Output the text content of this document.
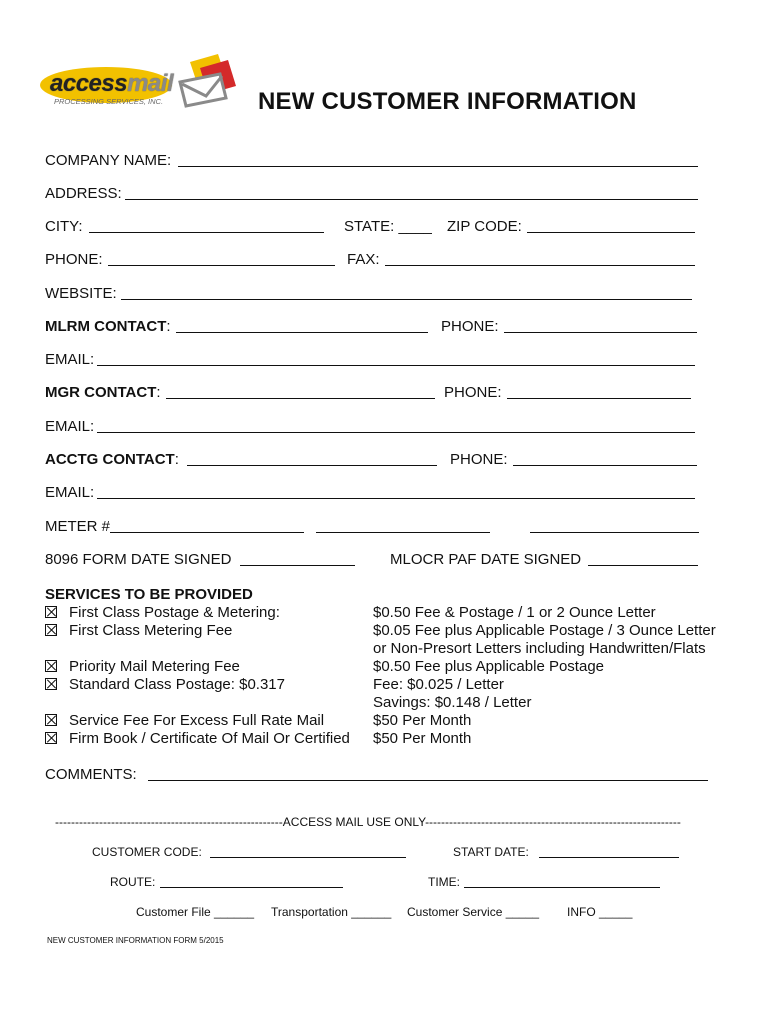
accessmail
PROCESSING SERVICES, INC.	NEW CUSTOMER INFORMATION
COMPANY NAME:
ADDRESS:
CITY:	STATE: ____ ZIP CODE:
PHONE:	FAX:
WEBSITE:
MLRM CONTACT:	PHONE:
EMAIL:
MGR CONTACT:	PHONE:
EMAIL:
ACCTG CONTACT:	PHONE:
EMAIL:
METER #
8096 FORM DATE SIGNED	MLOCR PAF DATE SIGNED
SERVICES TO BE PROVIDED
First Class Postage & Metering:	$0.50 Fee & Postage / 1 or 2 Ounce Letter
First Class Metering Fee	$0.05 Fee plus Applicable Postage / 3 Ounce Letter
or Non-Presort Letters including Handwritten/Flats
Priority Mail Metering Fee	$0.50 Fee plus Applicable Postage
Standard Class Postage: $0.317	Fee: $0.025 / Letter
Savings: $0.148 / Letter
Service Fee For Excess Full Rate Mail	$50 Per Month
Firm Book / Certificate Of Mail Or Certified $50 Per Month
COMMENTS:
---------------------------------------------------------ACCESS MAIL USE ONLY----------------------------------------------------------------
CUSTOMER CODE:	START DATE:
ROUTE:	TIME:
Customer File ______ Transportation ______ Customer Service _____ INFO _____
NEW CUSTOMER INFORMATION FORM 5/2015
